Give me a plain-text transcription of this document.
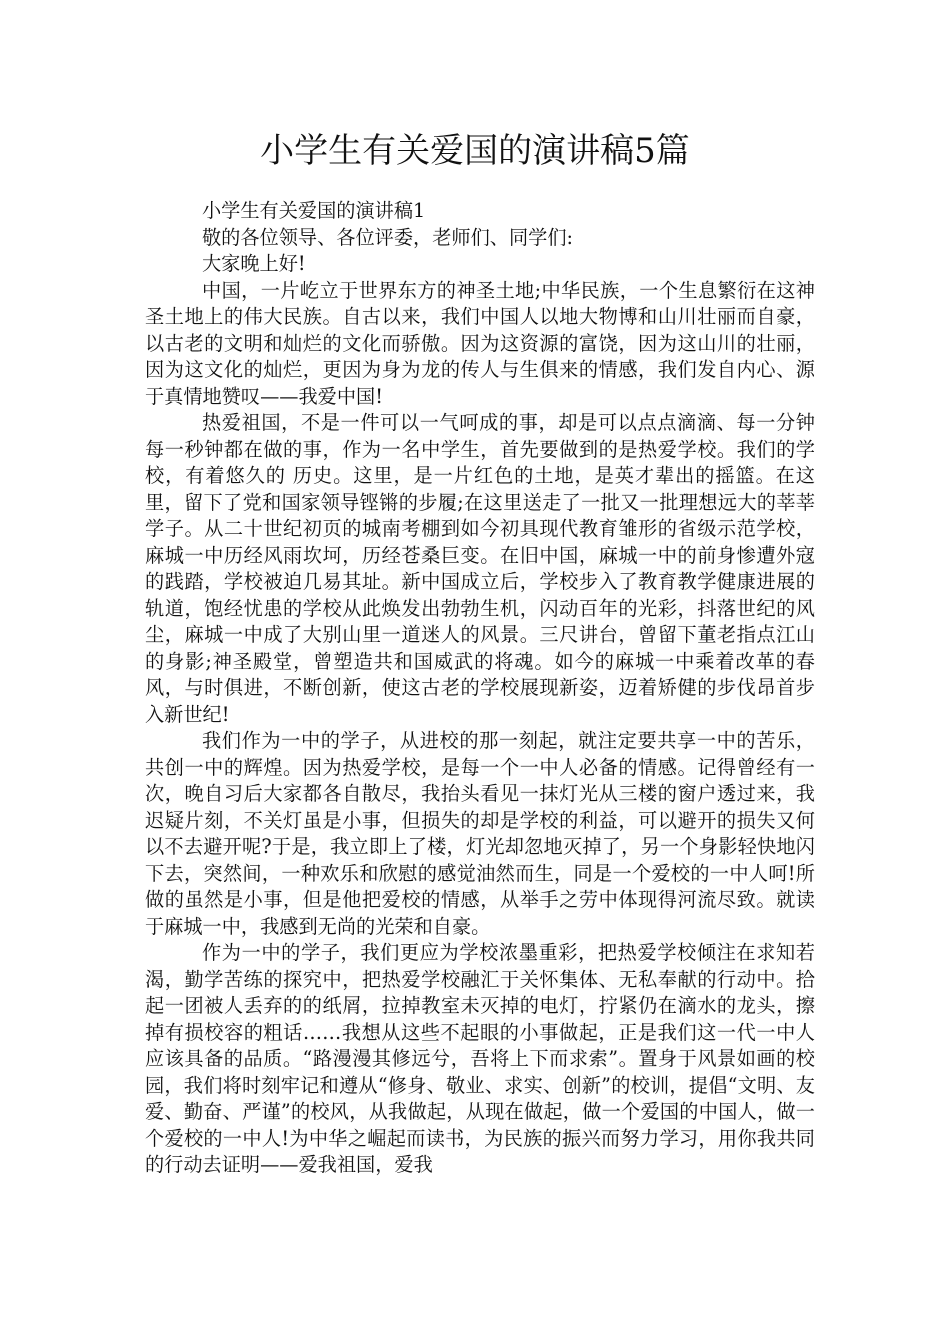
小学生有关爱国的演讲稿5篇

小学生有关爱国的演讲稿1

敬的各位领导、各位评委，老师们、同学们:

大家晚上好!

中国，一片屹立于世界东方的神圣土地;中华民族，一个生息繁衍在这神圣土地上的伟大民族。自古以来，我们中国人以地大物博和山川壮丽而自豪，以古老的文明和灿烂的文化而骄傲。因为这资源的富饶，因为这山川的壮丽，因为这文化的灿烂，更因为身为龙的传人与生俱来的情感，我们发自内心、源于真情地赞叹——我爱中国!

热爱祖国，不是一件可以一气呵成的事，却是可以点点滴滴、每一分钟每一秒钟都在做的事，作为一名中学生，首先要做到的是热爱学校。我们的学校，有着悠久的 历史。这里，是一片红色的土地，是英才辈出的摇篮。在这里，留下了党和国家领导铿锵的步履;在这里送走了一批又一批理想远大的莘莘学子。从二十世纪初页的城南考棚到如今初具现代教育雏形的省级示范学校，麻城一中历经风雨坎坷，历经苍桑巨变。在旧中国，麻城一中的前身惨遭外寇的践踏，学校被迫几易其址。新中国成立后，学校步入了教育教学健康进展的轨道，饱经忧患的学校从此焕发出勃勃生机，闪动百年的光彩，抖落世纪的风尘，麻城一中成了大别山里一道迷人的风景。三尺讲台，曾留下董老指点江山的身影;神圣殿堂，曾塑造共和国威武的将魂。如今的麻城一中乘着改革的春风，与时俱进，不断创新，使这古老的学校展现新姿，迈着矫健的步伐昂首步入新世纪!

我们作为一中的学子，从进校的那一刻起，就注定要共享一中的苦乐，共创一中的辉煌。因为热爱学校，是每一个一中人必备的情感。记得曾经有一次，晚自习后大家都各自散尽，我抬头看见一抹灯光从三楼的窗户透过来，我迟疑片刻，不关灯虽是小事，但损失的却是学校的利益，可以避开的损失又何以不去避开呢?于是，我立即上了楼，灯光却忽地灭掉了，另一个身影轻快地闪下去，突然间，一种欢乐和欣慰的感觉油然而生，同是一个爱校的一中人呵!所做的虽然是小事，但是他把爱校的情感，从举手之劳中体现得河流尽致。就读于麻城一中，我感到无尚的光荣和自豪。

作为一中的学子，我们更应为学校浓墨重彩，把热爱学校倾注在求知若渴，勤学苦练的探究中，把热爱学校融汇于关怀集体、无私奉献的行动中。拾起一团被人丢弃的的纸屑，拉掉教室未灭掉的电灯，拧紧仍在滴水的龙头，擦掉有损校容的粗话……我想从这些不起眼的小事做起，正是我们这一代一中人应该具备的品质。“路漫漫其修远兮，吾将上下而求索”。置身于风景如画的校园，我们将时刻牢记和遵从“修身、敬业、求实、创新”的校训，提倡“文明、友爱、勤奋、严谨”的校风，从我做起，从现在做起，做一个爱国的中国人，做一个爱校的一中人!为中华之崛起而读书，为民族的振兴而努力学习，用你我共同的行动去证明——爱我祖国，爱我
